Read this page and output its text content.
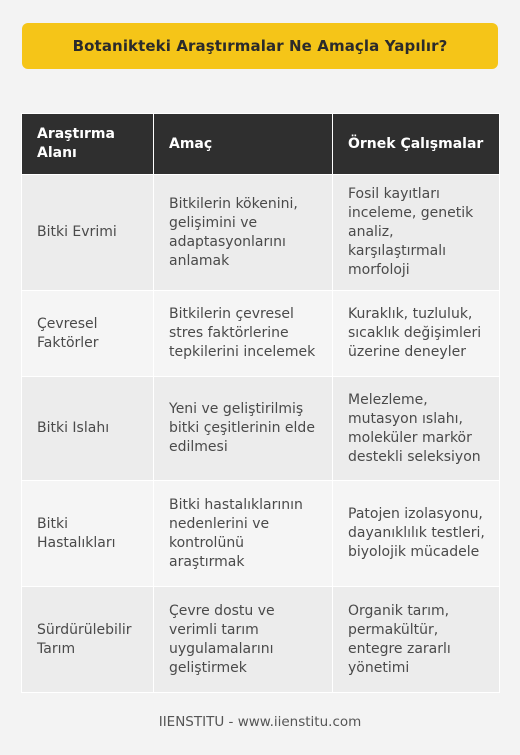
Botanikteki Araştırmalar Ne Amaçla Yapılır?
Araştırma Alanı	Amaç	Örnek Çalışmalar
Bitki Evrimi	Bitkilerin kökenini, gelişimini ve adaptasyonlarını anlamak	Fosil kayıtları inceleme, genetik analiz, karşılaştırmalı morfoloji
Çevresel Faktörler	Bitkilerin çevresel stres faktörlerine tepkilerini incelemek	Kuraklık, tuzluluk, sıcaklık değişimleri üzerine deneyler
Bitki Islahı	Yeni ve geliştirilmiş bitki çeşitlerinin elde edilmesi	Melezleme, mutasyon ıslahı, moleküler markör destekli seleksiyon
Bitki Hastalıkları	Bitki hastalıklarının nedenlerini ve kontrolünü araştırmak	Patojen izolasyonu, dayanıklılık testleri, biyolojik mücadele
Sürdürülebilir Tarım	Çevre dostu ve verimli tarım uygulamalarını geliştirmek	Organik tarım, permakültür, entegre zararlı yönetimi
IIENSTITU - www.iienstitu.com
